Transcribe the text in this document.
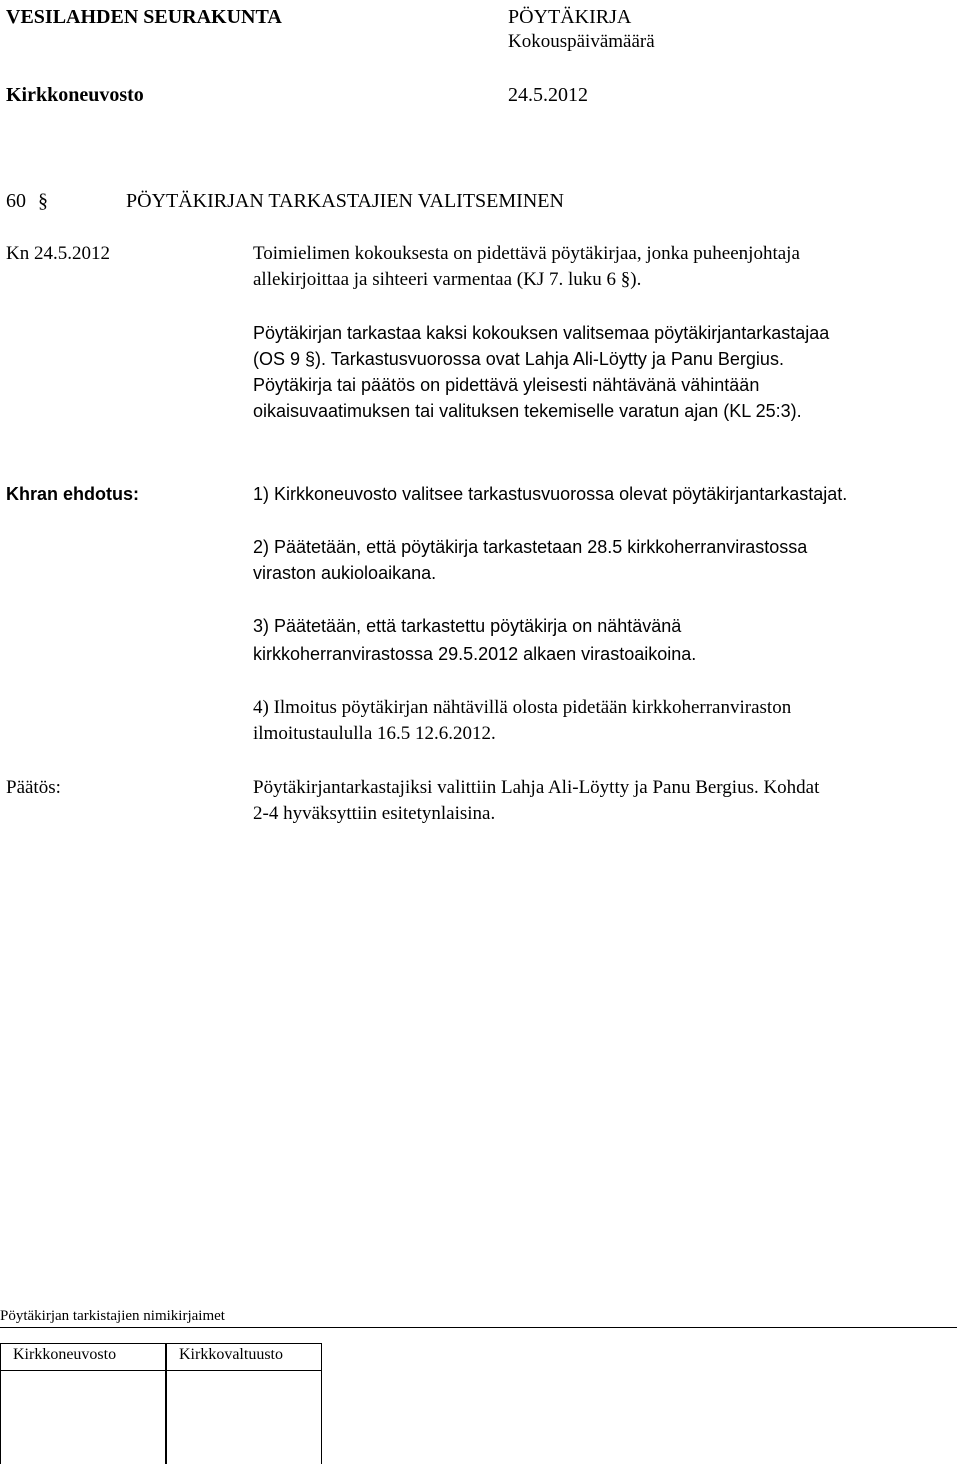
VESILAHDEN SEURAKUNTA	PÖYTÄKIRJA
Kokouspäivämäärä
Kirkkoneuvosto	24.5.2012
60 §	PÖYTÄKIRJAN TARKASTAJIEN VALITSEMINEN
Kn 24.5.2012	Toimielimen kokouksesta on pidettävä pöytäkirjaa, jonka puheenjohtaja
allekirjoittaa ja sihteeri varmentaa (KJ 7. luku 6 §).
Pöytäkirjan tarkastaa kaksi kokouksen valitsemaa pöytäkirjantarkastajaa
(OS 9 §). Tarkastusvuorossa ovat Lahja Ali-Löytty ja Panu Bergius.
Pöytäkirja tai päätös on pidettävä yleisesti nähtävänä vähintään
oikaisuvaatimuksen tai valituksen tekemiselle varatun ajan (KL 25:3).
Khran ehdotus:	1) Kirkkoneuvosto valitsee tarkastusvuorossa olevat pöytäkirjantarkastajat.
2) Päätetään, että pöytäkirja tarkastetaan 28.5 kirkkoherranvirastossa
viraston aukioloaikana.
3) Päätetään, että tarkastettu pöytäkirja on nähtävänä
kirkkoherranvirastossa 29.5.2012 alkaen virastoaikoina.
4) Ilmoitus pöytäkirjan nähtävillä olosta pidetään kirkkoherranviraston
ilmoitustaululla 16.5 12.6.2012.
Päätös:	Pöytäkirjantarkastajiksi valittiin Lahja Ali-Löytty ja Panu Bergius. Kohdat
2-4 hyväksyttiin esitetynlaisina.
Pöytäkirjan tarkistajien nimikirjaimet
Kirkkoneuvosto	Kirkkovaltuusto
